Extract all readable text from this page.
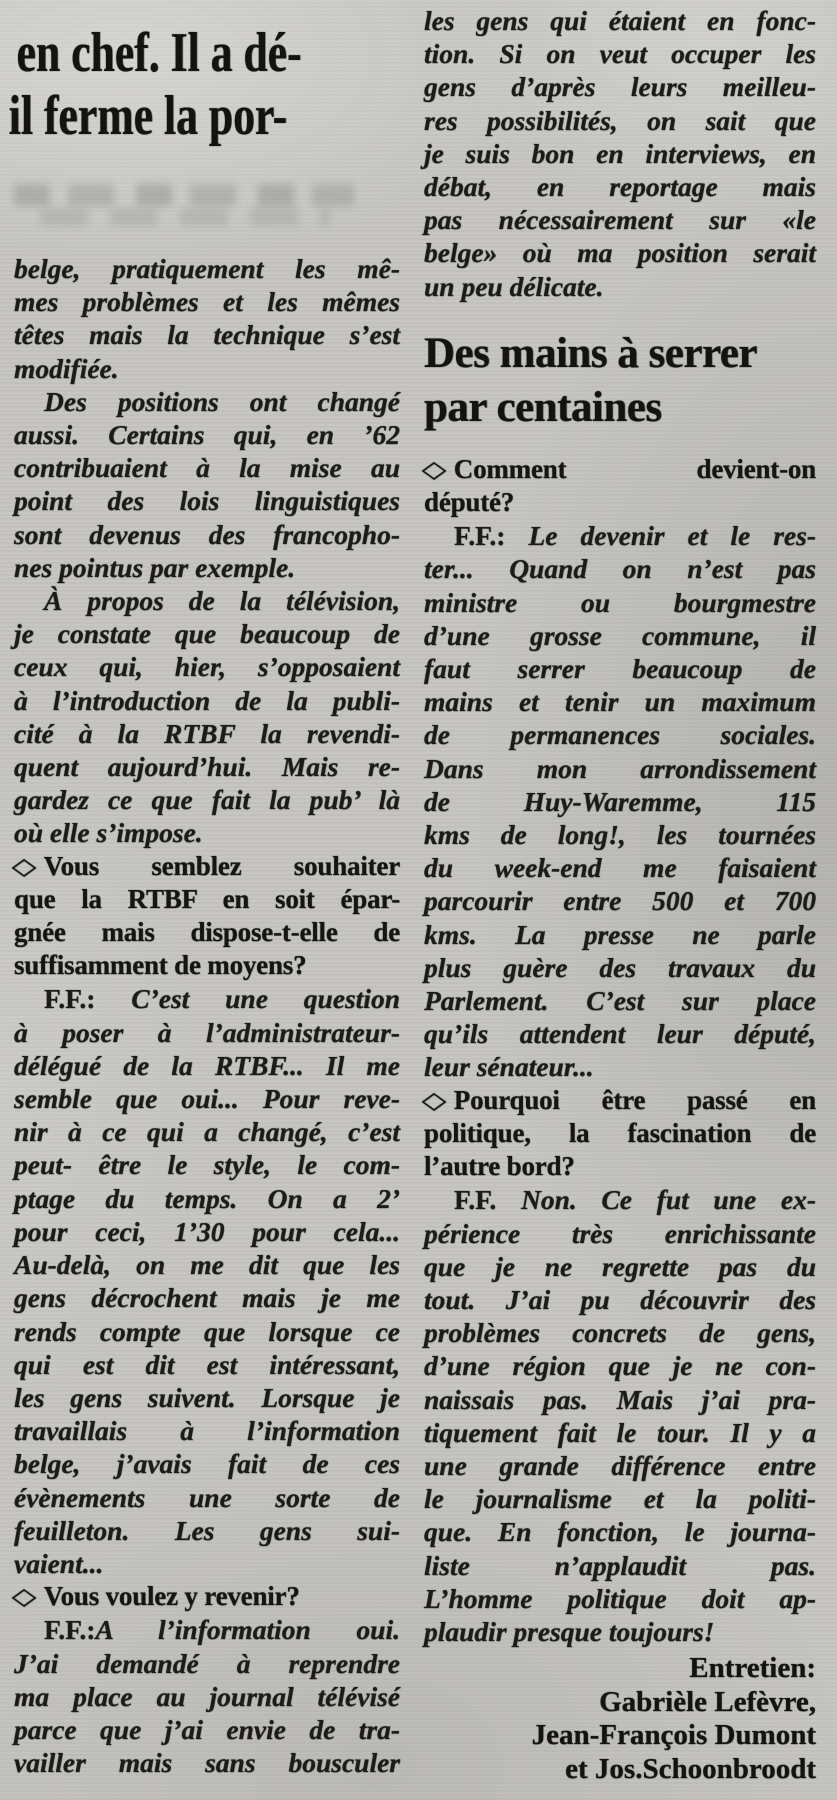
en chef. Il a dé-
il ferme la por-
belge, pratiquement les mê-
mes problèmes et les mêmes
têtes mais la technique s’est
modifiée.
Des positions ont changé
aussi. Certains qui, en ’62
contribuaient à la mise au
point des lois linguistiques
sont devenus des francopho-
nes pointus par exemple.
À propos de la télévision,
je constate que beaucoup de
ceux qui, hier, s’opposaient
à l’introduction de la publi-
cité à la RTBF la revendi-
quent aujourd’hui. Mais re-
gardez ce que fait la pub’ là
où elle s’impose.
◇ Vous semblez souhaiter
que la RTBF en soit épar-
gnée mais dispose-t-elle de
suffisamment de moyens?
F.F.: C’est une question
à poser à l’administrateur-
délégué de la RTBF... Il me
semble que oui... Pour reve-
nir à ce qui a changé, c’est
peut- être le style, le com-
ptage du temps. On a 2’
pour ceci, 1’30 pour cela...
Au-delà, on me dit que les
gens décrochent mais je me
rends compte que lorsque ce
qui est dit est intéressant,
les gens suivent. Lorsque je
travaillais à l’information
belge, j’avais fait de ces
évènements une sorte de
feuilleton. Les gens sui-
vaient...
◇ Vous voulez y revenir?
F.F.:A l’information oui.
J’ai demandé à reprendre
ma place au journal télévisé
parce que j’ai envie de tra-
vailler mais sans bousculer
les gens qui étaient en fonc-
tion. Si on veut occuper les
gens d’après leurs meilleu-
res possibilités, on sait que
je suis bon en interviews, en
débat, en reportage mais
pas nécessairement sur «le
belge» où ma position serait
un peu délicate.
Des mains à serrer
par centaines
◇ Comment devient-on
député?
F.F.: Le devenir et le res-
ter... Quand on n’est pas
ministre ou bourgmestre
d’une grosse commune, il
faut serrer beaucoup de
mains et tenir un maximum
de permanences sociales.
Dans mon arrondissement
de Huy-Waremme, 115
kms de long!, les tournées
du week-end me faisaient
parcourir entre 500 et 700
kms. La presse ne parle
plus guère des travaux du
Parlement. C’est sur place
qu’ils attendent leur député,
leur sénateur...
◇ Pourquoi être passé en
politique, la fascination de
l’autre bord?
F.F. Non. Ce fut une ex-
périence très enrichissante
que je ne regrette pas du
tout. J’ai pu découvrir des
problèmes concrets de gens,
d’une région que je ne con-
naissais pas. Mais j’ai pra-
tiquement fait le tour. Il y a
une grande différence entre
le journalisme et la politi-
que. En fonction, le journa-
liste n’applaudit pas.
L’homme politique doit ap-
plaudir presque toujours!
Entretien:
Gabrièle Lefèvre,
Jean-François Dumont
et Jos.Schoonbroodt
